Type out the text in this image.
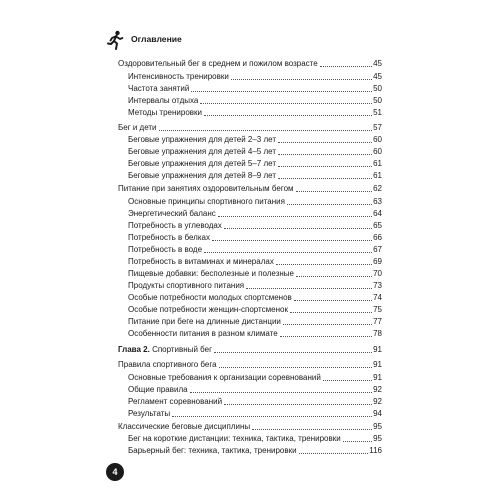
Оглавление
Оздоровительный бег в среднем и пожилом возрасте	45
Интенсивность тренировки	45
Частота занятий	50
Интервалы отдыха	50
Методы тренировки	51
Бег и дети	57
Беговые упражнения для детей 2–3 лет	60
Беговые упражнения для детей 4–5 лет	60
Беговые упражнения для детей 5–7 лет	61
Беговые упражнения для детей 8–9 лет	61
Питание при занятиях оздоровительным бегом	62
Основные принципы спортивного питания	63
Энергетический баланс	64
Потребность в углеводах	65
Потребность в белках	66
Потребность в воде	67
Потребность в витаминах и минералах	69
Пищевые добавки: бесполезные и полезные	70
Продукты спортивного питания	73
Особые потребности молодых спортсменов	74
Особые потребности женщин-спортсменок	75
Питание при беге на длинные дистанции	77
Особенности питания в разном климате	78
Глава 2. Спортивный бег	91
Правила спортивного бега	91
Основные требования к организации соревнований	91
Общие правила	92
Регламент соревнований	92
Результаты	94
Классические беговые дисциплины	95
Бег на короткие дистанции: техника, тактика, тренировки	95
Барьерный бег: техника, тактика, тренировки	116
4
